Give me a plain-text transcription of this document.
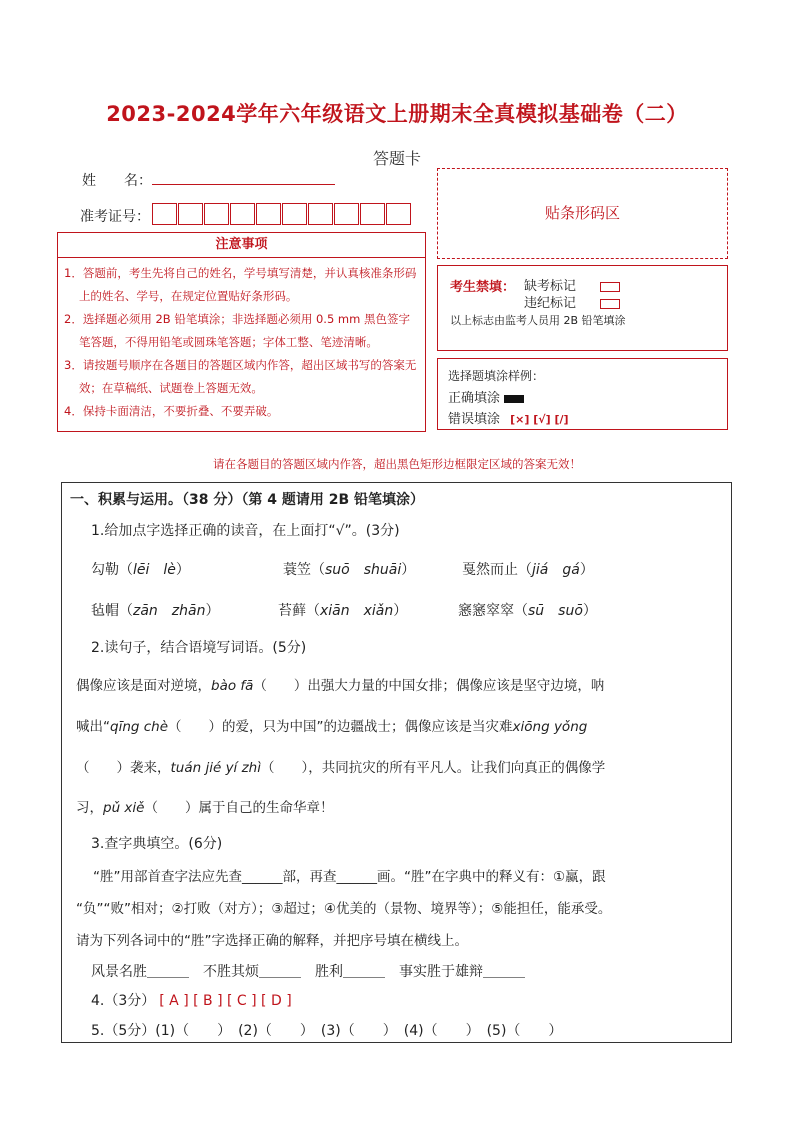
2023-2024学年六年级语文上册期末全真模拟基础卷（二）
答题卡
姓　　名：
准考证号：
注意事项
1．答题前，考生先将自己的姓名，学号填写清楚，并认真核准条形码上的姓名、学号，在规定位置贴好条形码。
2．选择题必须用 2B 铅笔填涂；非选择题必须用 0.5 mm 黑色签字笔答题，不得用铅笔或圆珠笔答题；字体工整、笔迹清晰。
3．请按题号顺序在各题目的答题区域内作答，超出区域书写的答案无效；在草稿纸、试题卷上答题无效。
4．保持卡面清洁，不要折叠、不要弄破。
贴条形码区
考生禁填： 缺考标记
违纪标记
以上标志由监考人员用 2B 铅笔填涂
选择题填涂样例：
正确填涂
错误填涂 [×] [√] [/]
请在各题目的答题区域内作答，超出黑色矩形边框限定区域的答案无效！
一、积累与运用。（38 分）（第 4 题请用 2B 铅笔填涂）
1.给加点字选择正确的读音，在上面打“√”。(3分)
勾勒（lēi　lè）	蓑笠（suō　shuāi）	戛然而止（jiá　gá）
毡帽（zān　zhān）	苔藓（xiān　xiǎn）	窸窸窣窣（sū　suō）
2.读句子，结合语境写词语。(5分)
偶像应该是面对逆境，bào fā（　　）出强大力量的中国女排；偶像应该是坚守边境，呐
喊出“qīng chè（　　）的爱，只为中国”的边疆战士；偶像应该是当灾难xiōng yǒng
（　　）袭来，tuán jié yí zhì（　　），共同抗灾的所有平凡人。让我们向真正的偶像学
习，pǔ xiě（　　）属于自己的生命华章！
3.查字典填空。(6分)
“胜”用部首查字法应先查______部，再查______画。“胜”在字典中的释义有：①赢，跟
“负”“败”相对；②打败（对方）；③超过；④优美的（景物、境界等）；⑤能担任，能承受。
请为下列各词中的“胜”字选择正确的解释，并把序号填在横线上。
风景名胜＿＿＿　不胜其烦＿＿＿　胜利＿＿＿　事实胜于雄辩＿＿＿
4.（3分） [ A ] [ B ] [ C ] [ D ]
5.（5分）(1)（　　）　(2)（　　）　(3)（　　）　(4)（　　）　(5)（　　）
